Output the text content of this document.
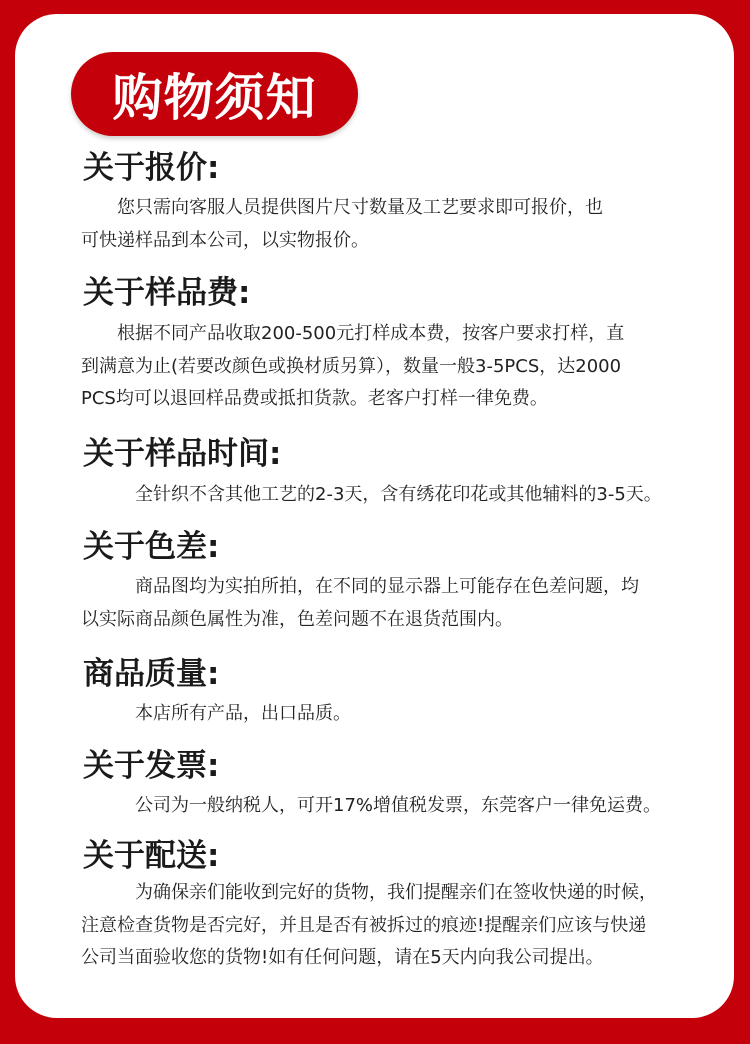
购物须知
关于报价:
　　您只需向客服人员提供图片尺寸数量及工艺要求即可报价，也
可快递样品到本公司，以实物报价。
关于样品费:
　　根据不同产品收取200-500元打样成本费，按客户要求打样，直
到满意为止(若要改颜色或换材质另算），数量一般3-5PCS，达2000
PCS均可以退回样品费或抵扣货款。老客户打样一律免费。
关于样品时间:
　　　全针织不含其他工艺的2-3天，含有绣花印花或其他辅料的3-5天。
关于色差:
　　　商品图均为实拍所拍，在不同的显示器上可能存在色差问题，均
以实际商品颜色属性为准，色差问题不在退货范围内。
商品质量:
　　　本店所有产品，出口品质。
关于发票:
　　　公司为一般纳税人，可开17%增值税发票，东莞客户一律免运费。
关于配送:
　　　为确保亲们能收到完好的货物，我们提醒亲们在签收快递的时候，
注意检查货物是否完好，并且是否有被拆过的痕迹!提醒亲们应该与快递
公司当面验收您的货物!如有任何问题，请在5天内向我公司提出。
